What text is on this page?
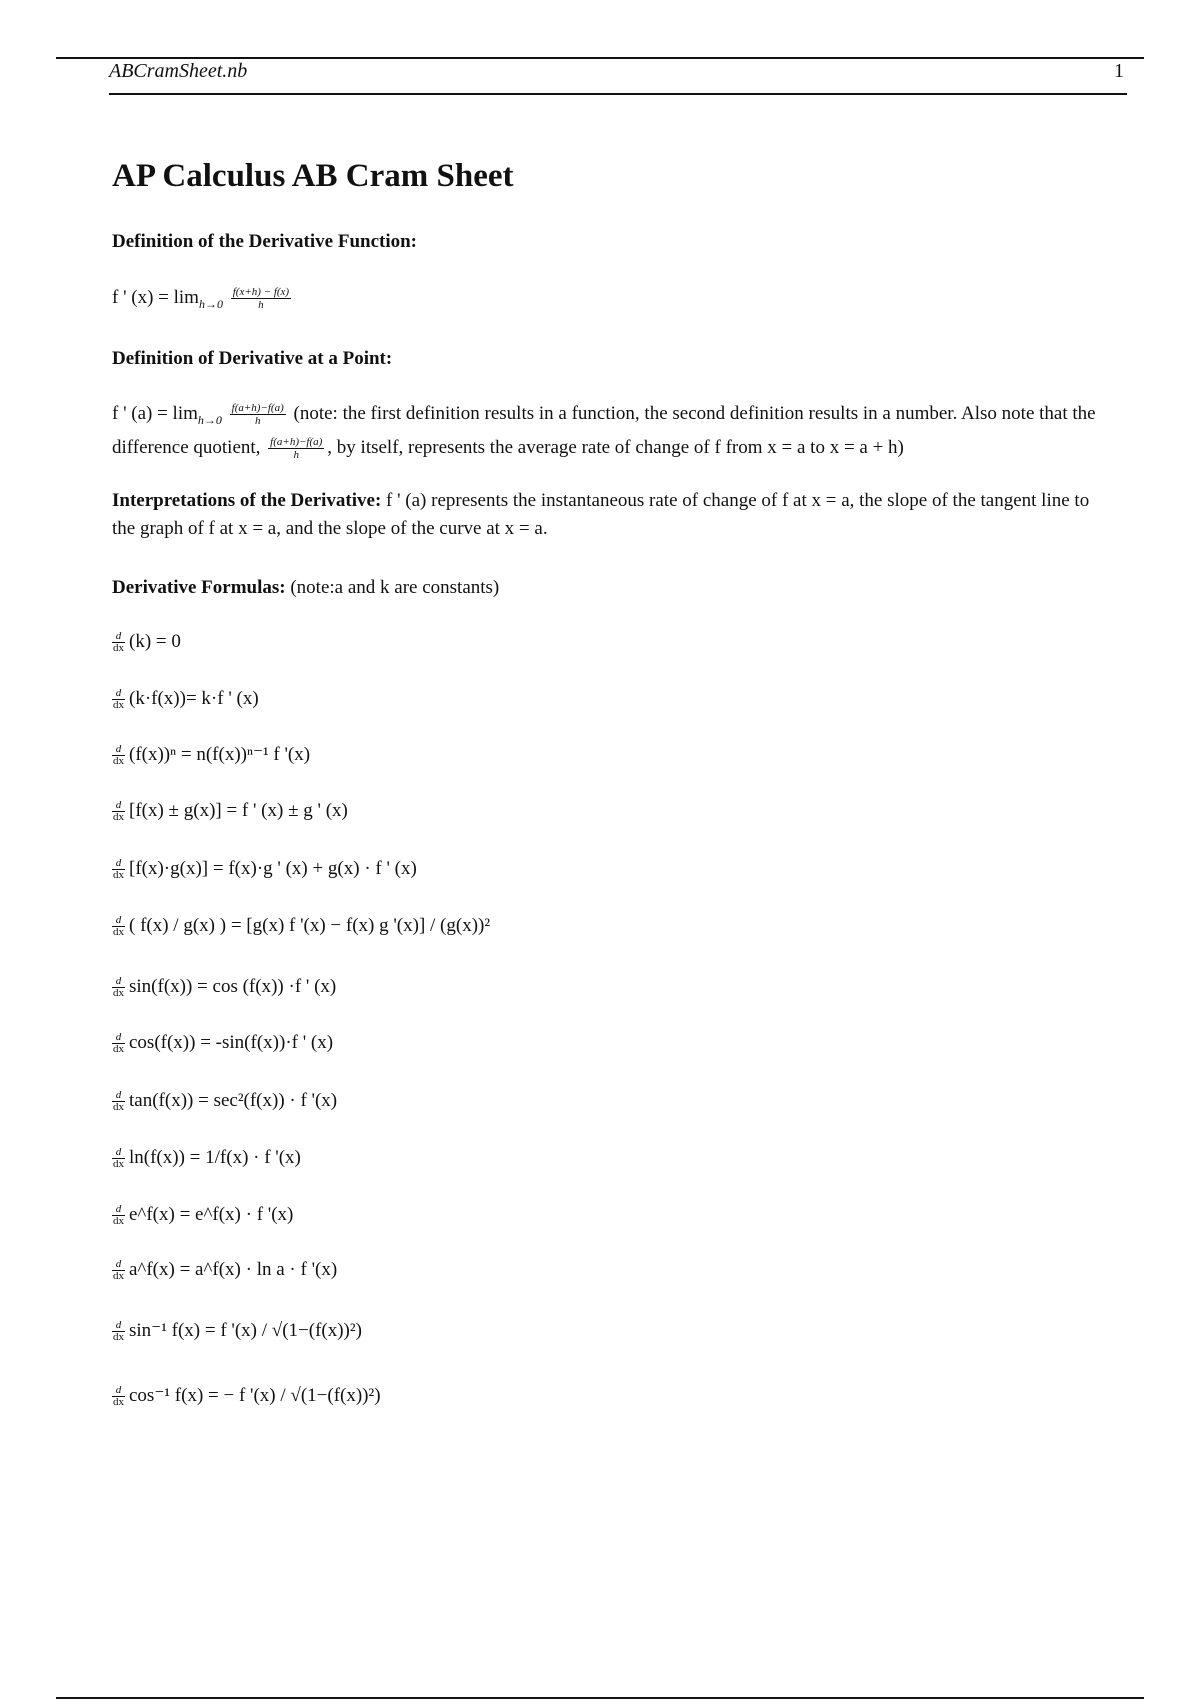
ABCramSheet.nb	1
AP Calculus AB Cram Sheet
Definition of the Derivative Function:
f ' $(x) = \lim_{h\to 0} \frac{f(x+h) - f(x)}{h}$
Definition of Derivative at a Point:
f ' $(a) = \lim_{h\to 0} \frac{f(a+h)-f(a)}{h}$ (note: the first definition results in a function, the second definition results in a number. Also note that the difference quotient, $\frac{f(a+h)-f(a)}{h}$ , by itself, represents the average rate of change of f from x = a to x = a + h)
Interpretations of the Derivative: f ' (a) represents the instantaneous rate of change of f at x = a, the slope of the tangent line to the graph of f at x = a, and the slope of the curve at x = a.
Derivative Formulas: (note:a and k are constants)
$\frac{d}{dx} (k) = 0$
$\frac{d}{dx} (k\cdot f(x))= k\cdot f$ ' (x)
$\frac{d}{dx} (f(x))^n = n(f(x))^{n-1}$ f '(x)
$\frac{d}{dx} [f(x) \pm g(x)] = f$ ' (x) ± g ' (x)
$\frac{d}{dx} [f(x)\cdot g(x)] = f(x)\cdot g$ ' (x) + g(x) · f ' (x)
$\frac{d}{dx}$ ( f(x) / g(x) ) = [g(x) f '(x) − f(x) g '(x)] / (g(x))²
$\frac{d}{dx} \sin(f(x)) = \cos (f(x)) \cdot f$ ' (x)
$\frac{d}{dx} \cos(f(x)) = -\sin(f(x))\cdot f$ ' (x)
$\frac{d}{dx} \tan(f(x)) = \sec^2(f(x)) \cdot f$ '(x)
$\frac{d}{dx} \ln(f(x)) = 1/f(x) \cdot f$ '(x)
$\frac{d}{dx}$ e^f(x) = e^f(x) · f '(x)
$\frac{d}{dx}$ a^f(x) = a^f(x) · ln a · f '(x)
$\frac{d}{dx} \sin^{-1}$ f(x) = f '(x) / √(1−(f(x))²)
$\frac{d}{dx} \cos^{-1}$ f(x) = − f '(x) / √(1−(f(x))²)
